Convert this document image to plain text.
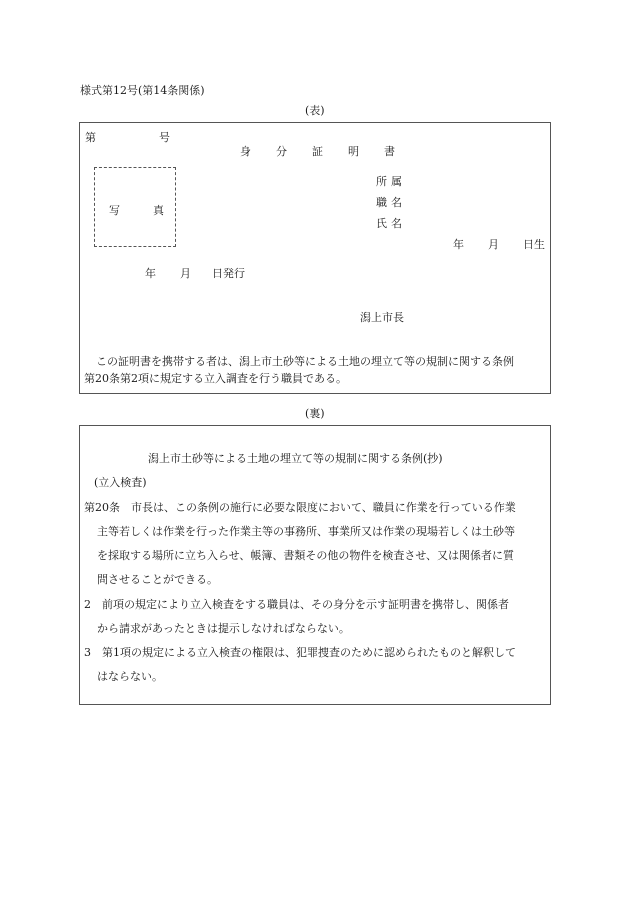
様式第12号(第14条関係)
(表)
第	号
身 分 証 明 書
写	真
所 属
職 名
氏 名
年 月 日生
年 月 日発行
潟上市長
この証明書を携帯する者は、潟上市土砂等による土地の埋立て等の規制に関する条例
第20条第2項に規定する立入調査を行う職員である。
(裏)
潟上市土砂等による土地の埋立て等の規制に関する条例(抄)
(立入検査)
第20条　市長は、この条例の施行に必要な限度において、職員に作業を行っている作業
主等若しくは作業を行った作業主等の事務所、事業所又は作業の現場若しくは土砂等
を採取する場所に立ち入らせ、帳簿、書類その他の物件を検査させ、又は関係者に質
問させることができる。
2　前項の規定により立入検査をする職員は、その身分を示す証明書を携帯し、関係者
から請求があったときは提示しなければならない。
3　第1項の規定による立入検査の権限は、犯罪捜査のために認められたものと解釈して
はならない。
